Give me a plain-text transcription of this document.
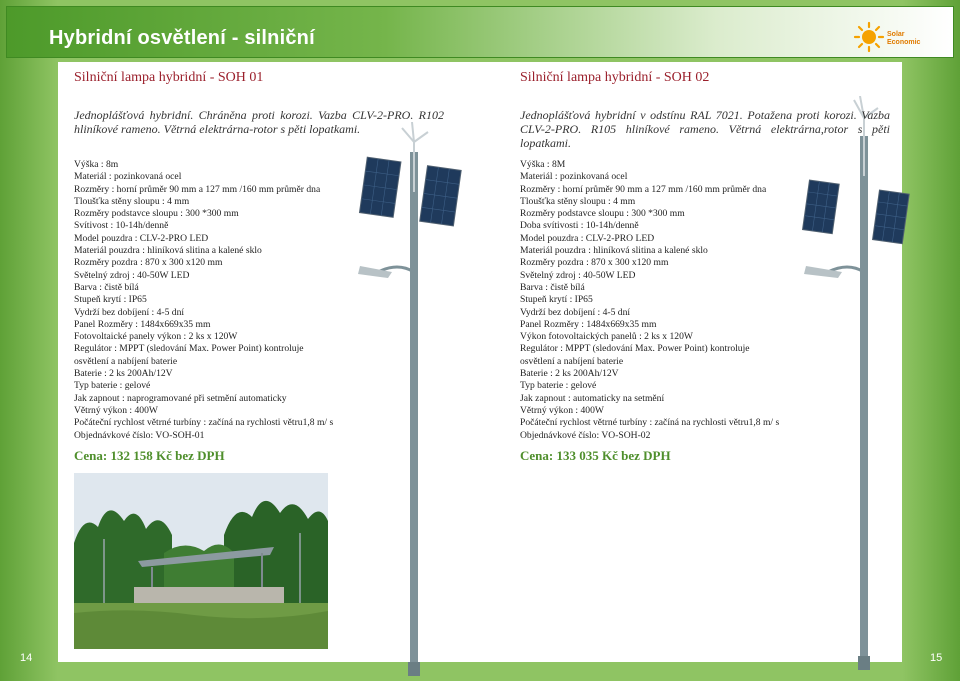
Hybridní osvětlení - silniční	Solar
Economic
Silniční lampa hybridní - SOH 01
Jednoplášťová hybridní. Chráněna proti korozi. Vazba CLV-2-PRO. R102 hliníkové rameno. Větrná elektrárna-rotor s pěti lopatkami.
Výška : 8m
Materiál : pozinkovaná ocel
Rozměry : horní průměr 90 mm a 127 mm /160 mm průměr dna
Tloušťka stěny sloupu : 4 mm
Rozměry podstavce sloupu : 300 *300 mm
Svítivost : 10-14h/denně
Model pouzdra : CLV-2-PRO LED
Materiál pouzdra : hliníková slitina a kalené sklo
Rozměry pozdra : 870 x 300 x120 mm
Světelný zdroj : 40-50W LED
Barva : čistě bílá
Stupeň krytí : IP65
Vydrží bez dobíjení : 4-5 dní
Panel Rozměry : 1484x669x35 mm
Fotovoltaické panely výkon : 2 ks x 120W
Regulátor : MPPT (sledování Max. Power Point) kontroluje
osvětlení a nabíjení baterie
Baterie : 2 ks 200Ah/12V
Typ baterie : gelové
Jak zapnout : naprogramované při setmění automaticky
Větrný výkon : 400W
Počáteční rychlost větrné turbíny : začíná na rychlosti větru1,8 m/ s
Objednávkové číslo: VO-SOH-01
Cena: 132 158 Kč bez DPH
Silniční lampa hybridní - SOH 02
Jednoplášťová hybridní v odstínu RAL 7021. Potažena proti korozi. Vazba CLV-2-PRO. R105 hliníkové rameno. Větrná elektrárna,rotor s pěti lopatkami.
Výška : 8M
Materiál : pozinkovaná ocel
Rozměry : horní průměr 90 mm a 127 mm /160 mm průměr dna
Tloušťka stěny sloupu : 4 mm
Rozměry podstavce sloupu : 300 *300 mm
Doba svítivosti : 10-14h/denně
Model pouzdra : CLV-2-PRO LED
Materiál pouzdra : hliníková slitina a kalené sklo
Rozměry pozdra : 870 x 300 x120 mm
Světelný zdroj : 40-50W LED
Barva : čistě bílá
Stupeň krytí : IP65
Vydrží bez dobíjení : 4-5 dní
Panel Rozměry : 1484x669x35 mm
Výkon fotovoltaických panelů : 2 ks x 120W
Regulátor : MPPT (sledování Max. Power Point) kontroluje
osvětlení a nabíjení baterie
Baterie : 2 ks 200Ah/12V
Typ baterie : gelové
Jak zapnout : automaticky na setmění
Větrný výkon : 400W
Počáteční rychlost větrné turbíny : začíná na rychlosti větru1,8 m/ s
Objednávkové číslo: VO-SOH-02
Cena: 133 035 Kč bez DPH
14	15
